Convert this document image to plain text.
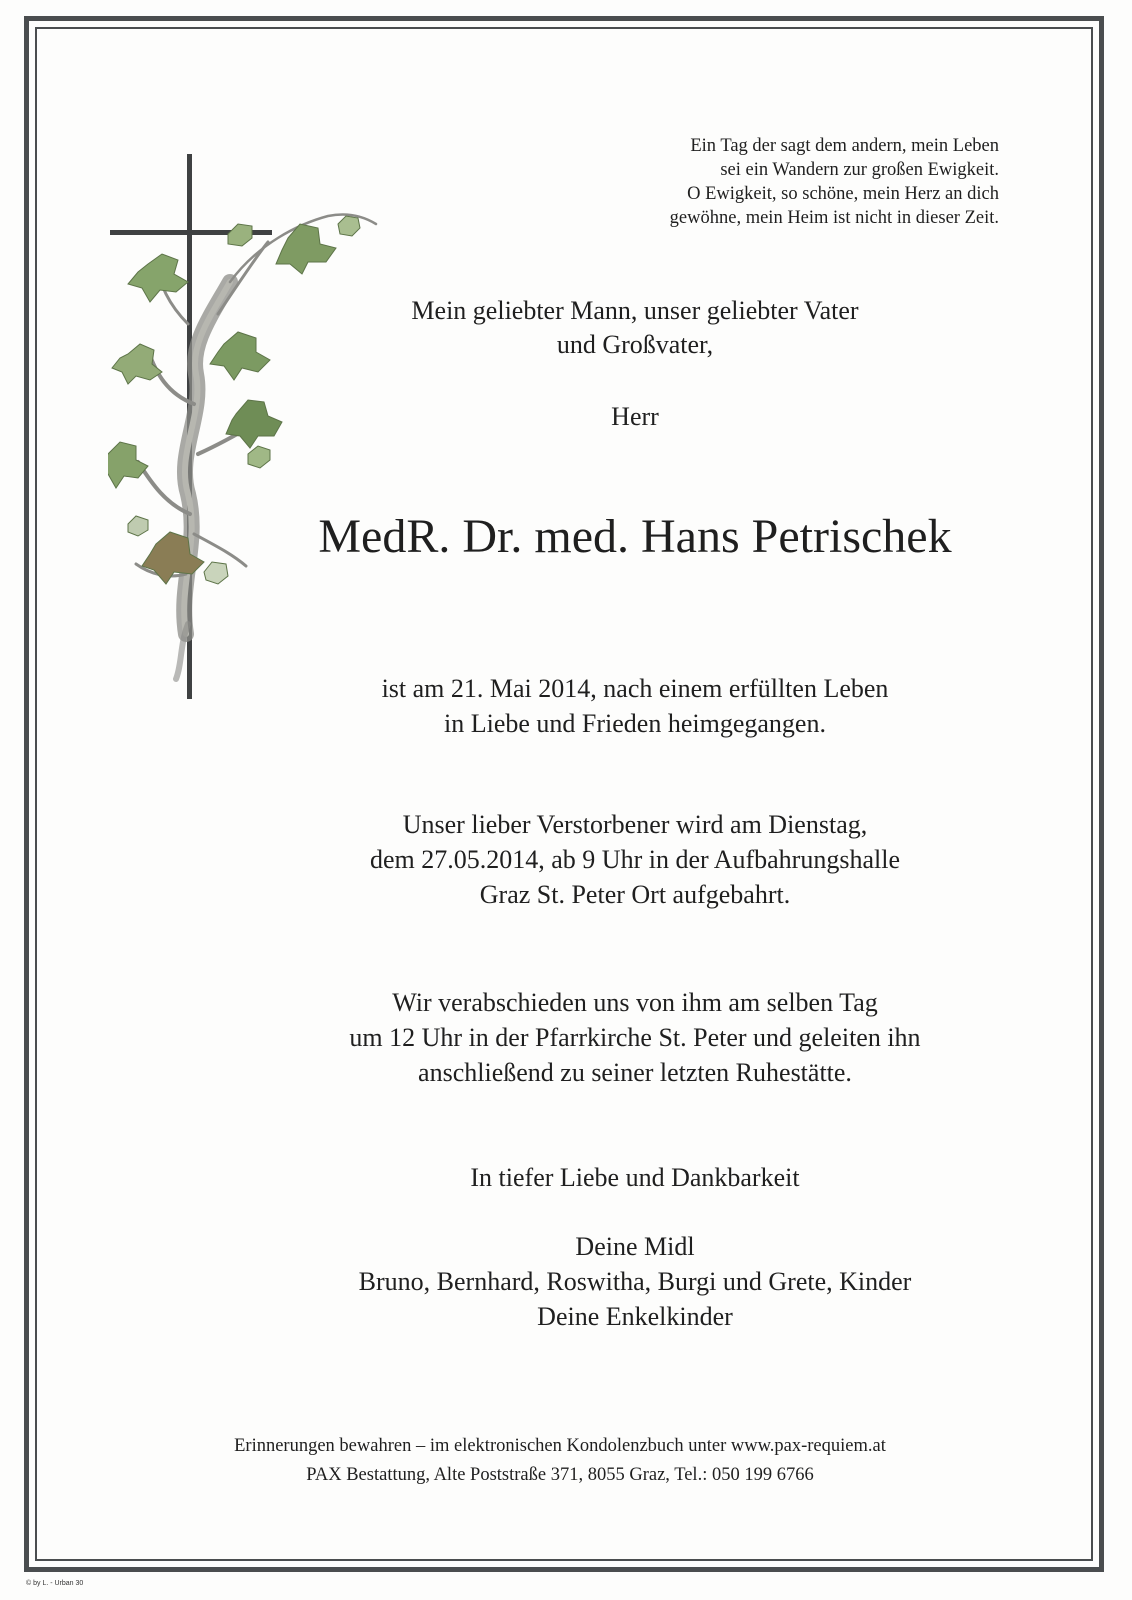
Ein Tag der sagt dem andern, mein Leben
sei ein Wandern zur großen Ewigkeit.
O Ewigkeit, so schöne, mein Herz an dich
gewöhne, mein Heim ist nicht in dieser Zeit.
Mein geliebter Mann, unser geliebter Vater
und Großvater,
Herr
MedR. Dr. med. Hans Petrischek
ist am 21. Mai 2014, nach einem erfüllten Leben
in Liebe und Frieden heimgegangen.
Unser lieber Verstorbener wird am Dienstag,
dem 27.05.2014, ab 9 Uhr in der Aufbahrungshalle
Graz St. Peter Ort aufgebahrt.
Wir verabschieden uns von ihm am selben Tag
um 12 Uhr in der Pfarrkirche St. Peter und geleiten ihn
anschließend zu seiner letzten Ruhestätte.
In tiefer Liebe und Dankbarkeit
Deine Midl
Bruno, Bernhard, Roswitha, Burgi und Grete, Kinder
Deine Enkelkinder
Erinnerungen bewahren – im elektronischen Kondolenzbuch unter www.pax-requiem.at
PAX Bestattung, Alte Poststraße 371, 8055 Graz, Tel.: 050 199 6766
© by L. - Urban 30
